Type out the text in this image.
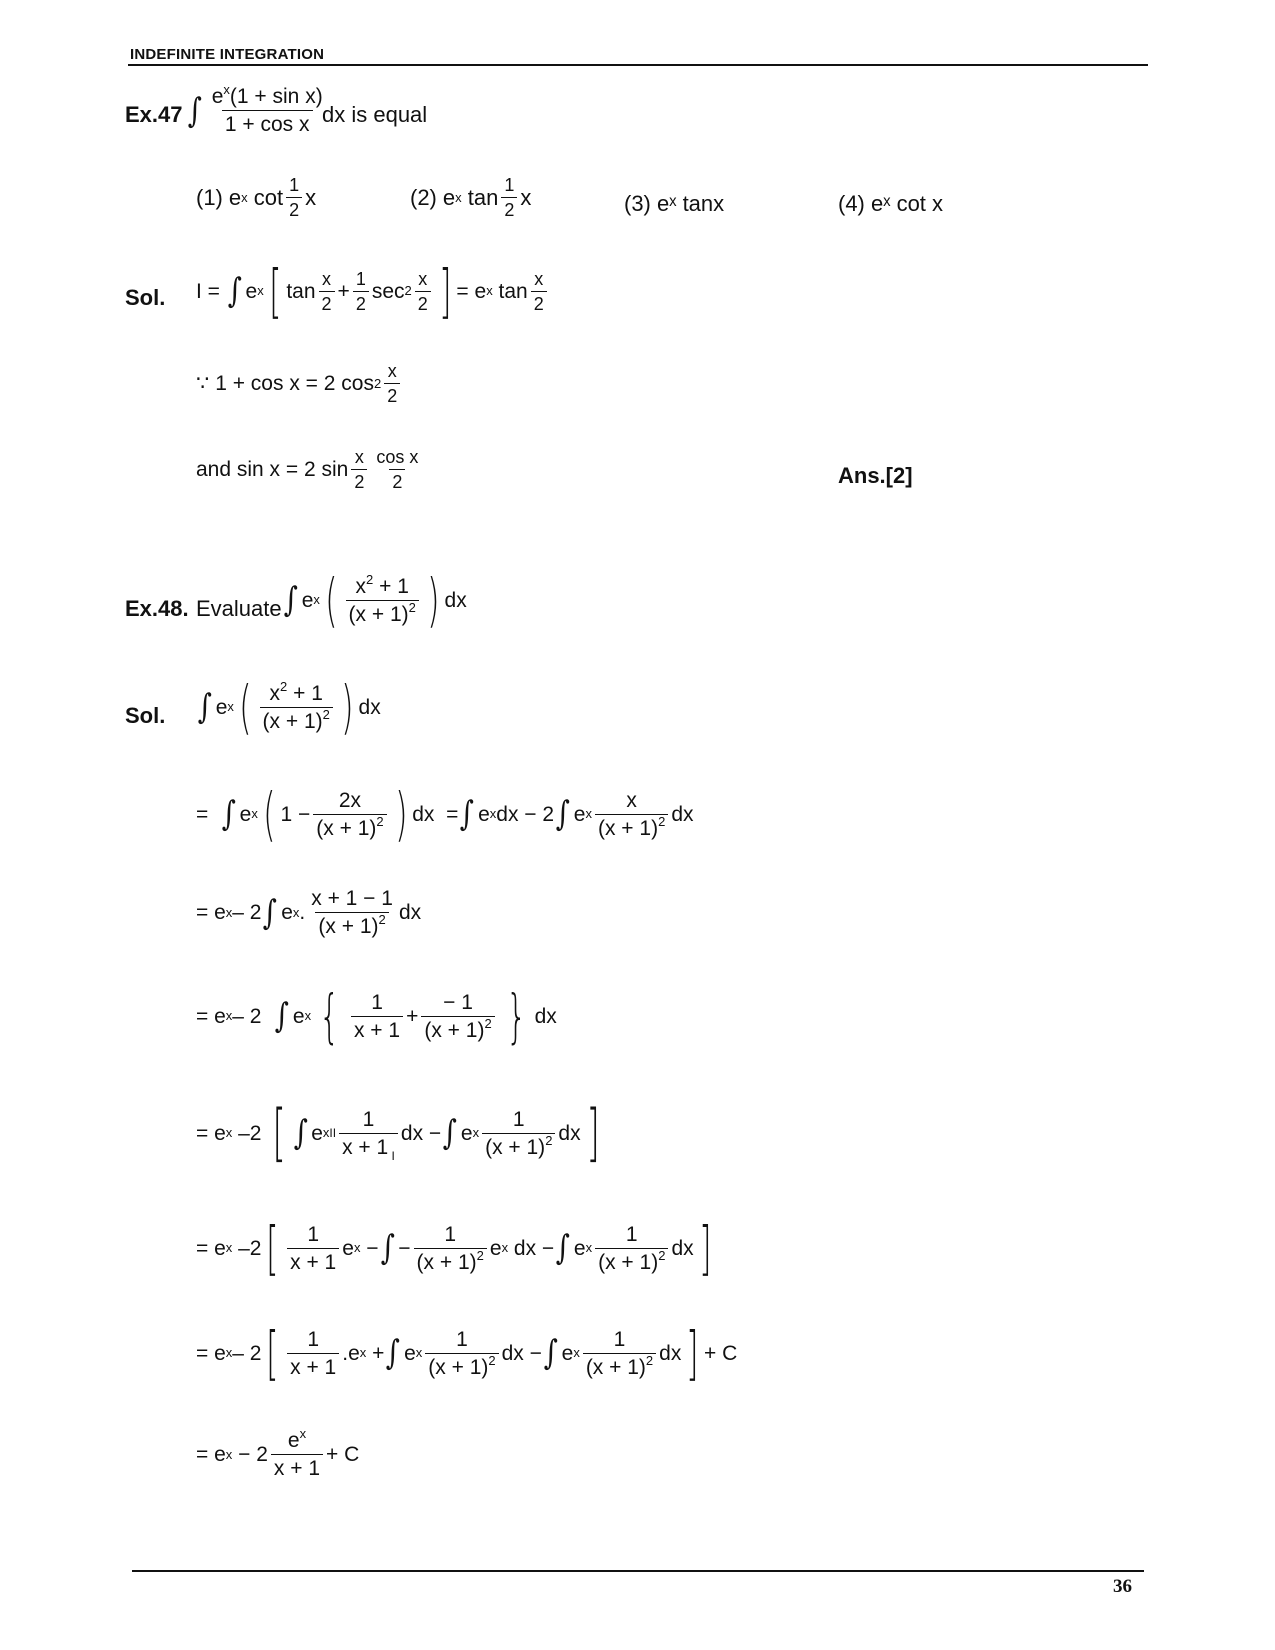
INDEFINITE INTEGRATION
Ex.47 ∫ $\frac{e^x(1 + \sin x)}{\text{1 + cos x}}$
dx is equal
(1) e x $\cot \frac{1}{2}$ x	(2) e x $\tan \frac{1}{2}$ x	(3) eˣ tanx	(4) eˣ cot x
Sol. I = ∫ e x [ $\tan \frac{x}{2} + \frac{1}{2}$ $\sec 2 \frac{x}{2}$ ] = e x $\tan \frac{x}{2}$
∵ 1 + cos x = 2 $\cos 2 \frac{x}{2}$
and sin x = 2 $\sin \frac{x}{2} \frac{\text{cos x}}{2}$	Ans.[2]
Ex.48. Evaluate ∫ e x ( $\frac{x^2 + 1}{(x + 1)^2}$ ) dx
Sol. ∫ e x ( $\frac{x^2 + 1}{(x + 1)^2}$ ) dx
= ∫ e x ( $1 - \frac{2x}{(x + 1)^2}$ ) dx  = ∫ e x dx − 2 ∫ e x $\frac{x}{(x + 1)^2}$ dx
= e x – 2 ∫ e x . $\frac{x + 1 - 1}{(x + 1)^2}$ dx
= e x – 2 ∫ e x { $\frac{1}{x + 1} + \frac{- 1}{(x + 1)^2}$ } dx
= e x –2 [ ∫ e x II $\frac{1}{x + 1 _I}$ dx − ∫ e x $\frac{1}{(x + 1)^2}$ dx ]
= e x –2 [ $\frac{1}{x + 1}$ e x − ∫ − $\frac{1}{(x + 1)^2}$ e x dx − ∫ e x $\frac{1}{(x + 1)^2}$ dx ]
= e x – 2 [ $\frac{1}{x + 1} .e$ x + ∫ e x $\frac{1}{(x + 1)^2}$ dx − ∫ e x $\frac{1}{(x + 1)^2}$ dx ] + C
= e $x - 2 \frac{e^x}{x + 1} + C$
36
